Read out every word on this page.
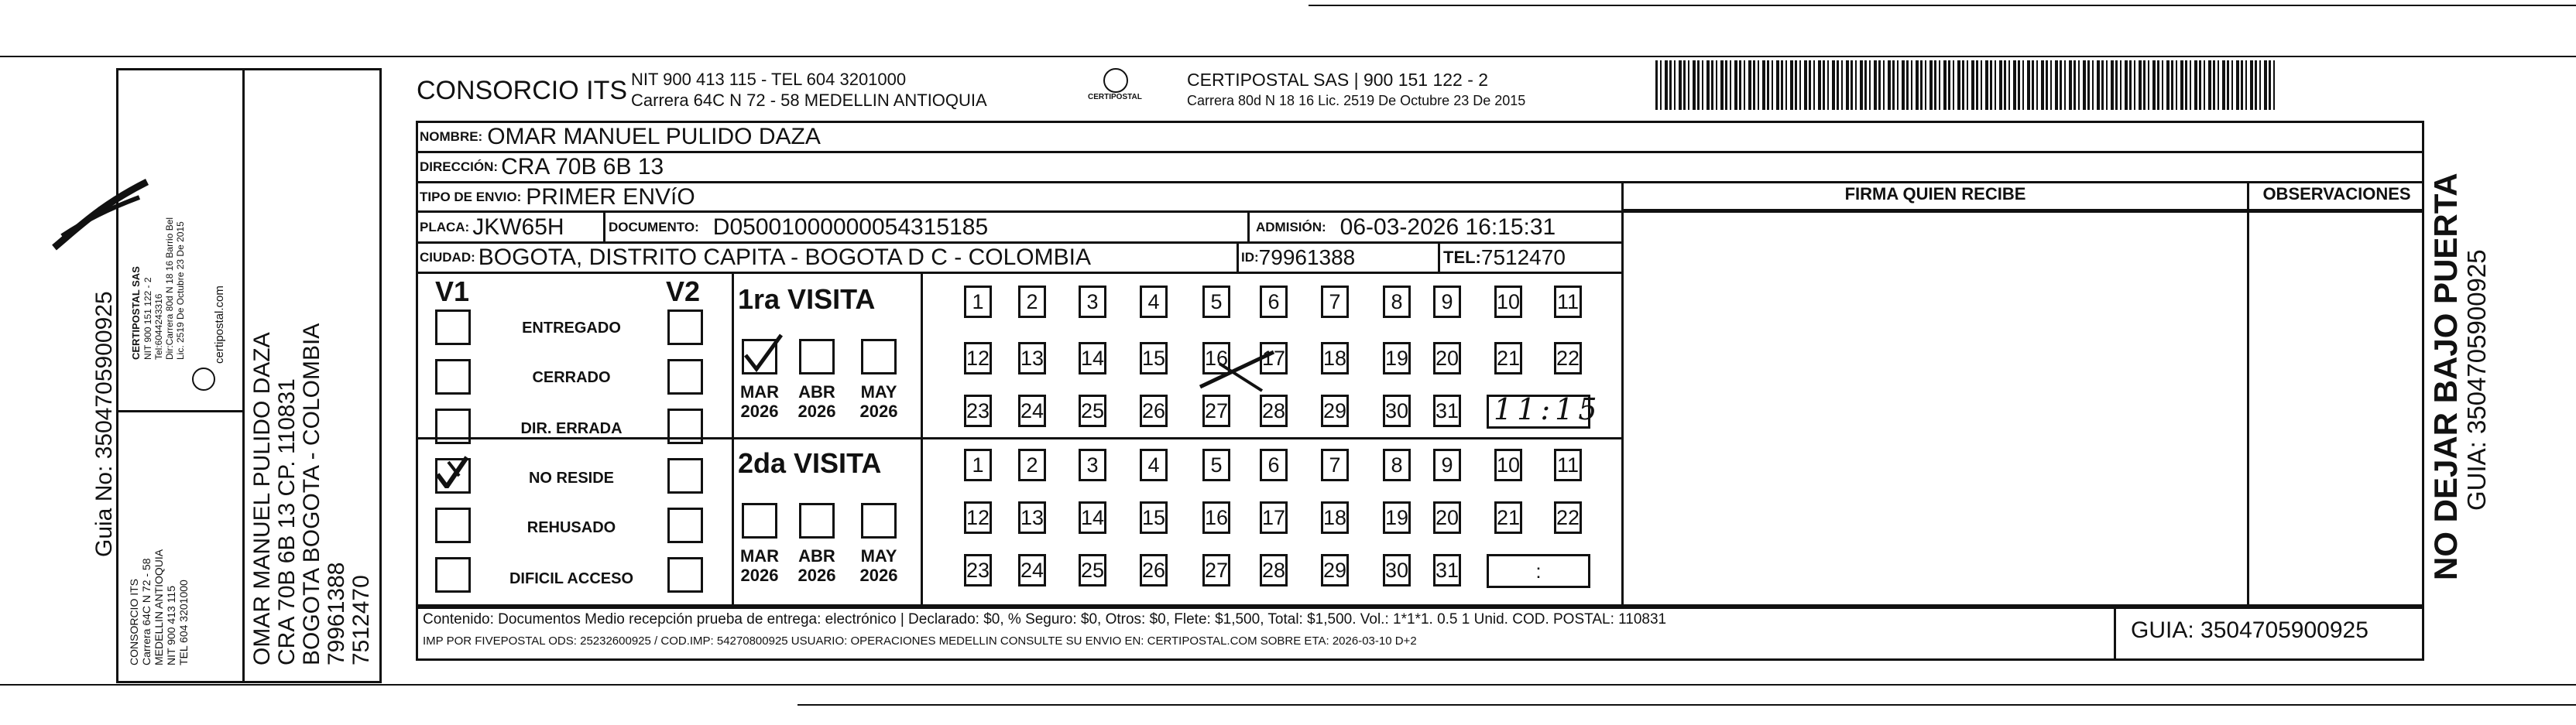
Guia No: 3504705900925
CONSORCIO ITS Carrera 64C N 72 - 58 MEDELLIN ANTIOQUIA NIT 900 413 115 TEL 604 3201000
CERTIPOSTAL SAS NIT 900 151 122 - 2 Tel:6044243316 Dir:Carrera 80d N 18 16 Barrio Bel Lic. 2519 De Octubre 23 De 2015 certipostal.com
OMAR MANUEL PULIDO DAZA CRA 70B 6B 13 CP. 110831 BOGOTA BOGOTA - COLOMBIA 79961388 7512470
CONSORCIO ITS NIT 900 413 115 - TEL 604 3201000
Carrera 64C N 72 - 58 MEDELLIN ANTIOQUIA	CERTIPOSTAL
CERTIPOSTAL SAS | 900 151 122 - 2
Carrera 80d N 18 16 Lic. 2519 De Octubre 23 De 2015
NOMBRE: OMAR MANUEL PULIDO DAZA
DIRECCIÓN: CRA 70B 6B 13
TIPO DE ENVIO: PRIMER ENVíO
PLACA: JKW65H	DOCUMENTO: D05001000000054315185	ADMISIÓN: 06-03-2026 16:15:31
CIUDAD: BOGOTA, DISTRITO CAPITA - BOGOTA D C - COLOMBIA	ID: 79961388	TEL: 7512470
FIRMA QUIEN RECIBE	OBSERVACIONES
V1	V2
ENTREGADO
CERRADO
DIR. ERRADA
NO RESIDE
REHUSADO
DIFICIL ACCESO
1ra VISITA
MAR
2026
ABR
2026
MAY
2026
1	2	3	4	5	6	7	8	9	10 11
12 13 14 15 16 17 18 19 20 21 22
23 24 25 26 27 28 29 30 31 11:15
2da VISITA
MAR
2026
ABR
2026
MAY
2026
1	2	3	4	5	6	7	8	9	10 11
12 13 14 15 16 17 18 19 20 21 22
23 24 25 26 27 28 29 30 31	:
Contenido: Documentos Medio recepción prueba de entrega: electrónico | Declarado: $0, % Seguro: $0, Otros: $0, Flete: $1,500, Total: $1,500. Vol.: 1*1*1. 0.5 1 Unid. COD. POSTAL: 110831
IMP POR FIVEPOSTAL ODS: 25232600925 / COD.IMP: 54270800925 USUARIO: OPERACIONES MEDELLIN CONSULTE SU ENVIO EN: CERTIPOSTAL.COM SOBRE ETA: 2026-03-10 D+2	GUIA: 3504705900925
NO DEJAR BAJO PUERTA
GUIA: 3504705900925
